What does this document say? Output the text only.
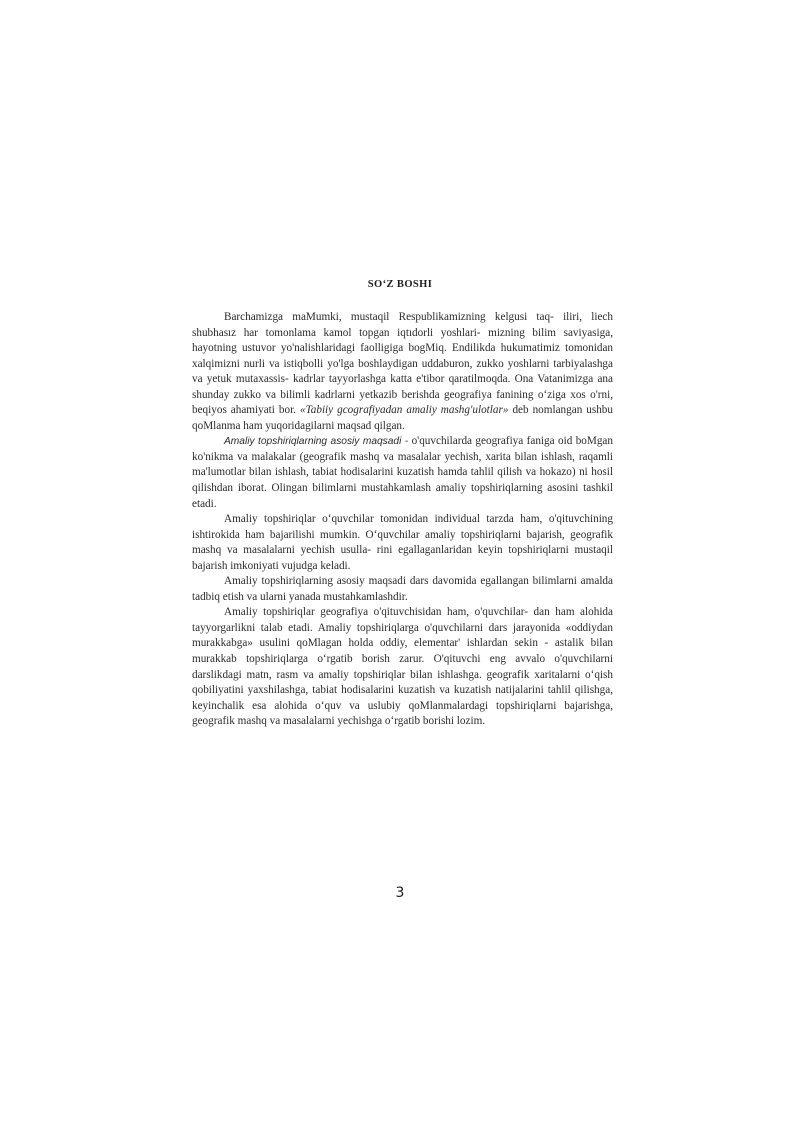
SO‘Z BOSHI

Barchamizga maMumki, mustaqil Respublikamizning kelgusi taq- iliri, liech shubhasız har tomonlama kamol topgan iqtıdorli yoshlari- mizning bilim saviyasiga, hayotning ustuvor yo'nalishlaridagi faolligiga bogMiq. Endilikda hukumatimiz tomonidan xalqimizni nurli va istiqbolli yo'lga boshlaydigan uddaburon, zukko yoshlarni tarbiyalashga va yetuk mutaxassis- kadrlar tayyorlashga katta e'tibor qaratilmoqda. Ona Vatanimizga ana shunday zukko va bilimli kadrlarni yetkazib berishda geografiya fanining o‘ziga xos o'rni, beqiyos ahamiyati bor. «Tabiiy gcografiyadan amaliy mashg'ulotlar» deb nomlangan ushbu qoMlanma ham yuqoridagilarni maqsad qilgan.

Amaliy topshiriqlarning asosiy maqsadi - o'quvchilarda geografiya faniga oid boMgan ko'nikma va malakalar (geografik mashq va masalalar yechish, xarita bilan ishlash, raqamli ma'lumotlar bilan ishlash, tabiat hodisalarini kuzatish hamda tahlil qilish va hokazo) ni hosil qilishdan iborat. Olingan bilimlarni mustahkamlash amaliy topshiriqlarning asosini tashkil etadi.

Amaliy topshiriqlar o‘quvchilar tomonidan individual tarzda ham, o'qituvchining ishtirokida ham bajarilishi mumkin. O‘quvchilar amaliy topshiriqlarni bajarish, geografik mashq va masalalarni yechish usulla- rini egallaganlaridan keyin topshiriqlarni mustaqil bajarish imkoniyati vujudga keladi.

Amaliy topshiriqlarning asosiy maqsadi dars davomida egallangan bilimlarni amalda tadbiq etish va ularni yanada mustahkamlashdir.

Amaliy topshiriqlar geografiya o'qituvchisidan ham, o'quvchilar- dan ham alohida tayyorgarlikni talab etadi. Amaliy topshiriqlarga o'quvchilarni dars jarayonida «oddiydan murakkabga» usulini qoMlagan holda oddiy, elementar' ishlardan sekin - astalik bilan murakkab topshiriqlarga o‘rgatib borish zarur. O'qituvchi eng avvalo o'quvchilarni darslikdagi matn, rasm va amaliy topshiriqlar bilan ishlashga. geografik xaritalarni o‘qish qobiliyatini yaxshilashga, tabiat hodisalarini kuzatish va kuzatish natijalarini tahlil qilishga, keyinchalik esa alohida o‘quv va uslubiy qoMlanmalardagi topshiriqlarni bajarishga, geografik mashq va masalalarni yechishga o‘rgatib borishi lozim.

3
